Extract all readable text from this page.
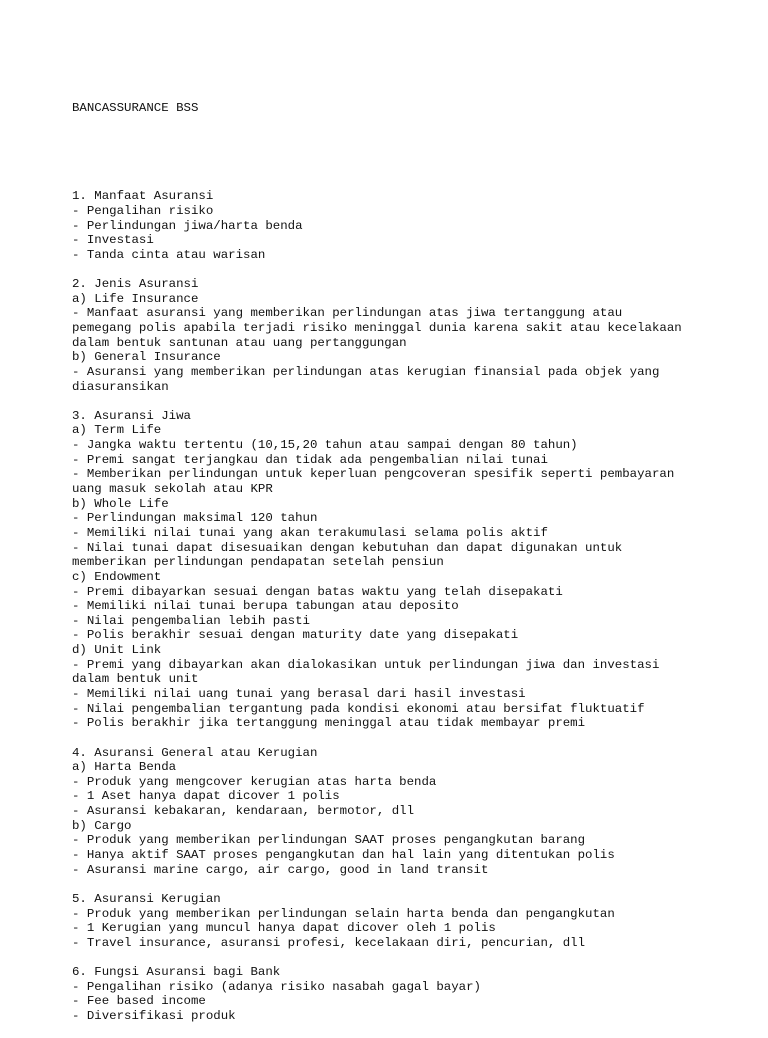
BANCASSURANCE BSS

1. Manfaat Asuransi
- Pengalihan risiko
- Perlindungan jiwa/harta benda
- Investasi
- Tanda cinta atau warisan
2. Jenis Asuransi
a) Life Insurance
- Manfaat asuransi yang memberikan perlindungan atas jiwa tertanggung atau
pemegang polis apabila terjadi risiko meninggal dunia karena sakit atau kecelakaan
dalam bentuk santunan atau uang pertanggungan
b) General Insurance
- Asuransi yang memberikan perlindungan atas kerugian finansial pada objek yang
diasuransikan
3. Asuransi Jiwa
a) Term Life
- Jangka waktu tertentu (10,15,20 tahun atau sampai dengan 80 tahun)
- Premi sangat terjangkau dan tidak ada pengembalian nilai tunai
- Memberikan perlindungan untuk keperluan pengcoveran spesifik seperti pembayaran
uang masuk sekolah atau KPR
b) Whole Life
- Perlindungan maksimal 120 tahun
- Memiliki nilai tunai yang akan terakumulasi selama polis aktif
- Nilai tunai dapat disesuaikan dengan kebutuhan dan dapat digunakan untuk
memberikan perlindungan pendapatan setelah pensiun
c) Endowment
- Premi dibayarkan sesuai dengan batas waktu yang telah disepakati
- Memiliki nilai tunai berupa tabungan atau deposito
- Nilai pengembalian lebih pasti
- Polis berakhir sesuai dengan maturity date yang disepakati
d) Unit Link
- Premi yang dibayarkan akan dialokasikan untuk perlindungan jiwa dan investasi
dalam bentuk unit
- Memiliki nilai uang tunai yang berasal dari hasil investasi
- Nilai pengembalian tergantung pada kondisi ekonomi atau bersifat fluktuatif
- Polis berakhir jika tertanggung meninggal atau tidak membayar premi
4. Asuransi General atau Kerugian
a) Harta Benda
- Produk yang mengcover kerugian atas harta benda
- 1 Aset hanya dapat dicover 1 polis
- Asuransi kebakaran, kendaraan, bermotor, dll
b) Cargo
- Produk yang memberikan perlindungan SAAT proses pengangkutan barang
- Hanya aktif SAAT proses pengangkutan dan hal lain yang ditentukan polis
- Asuransi marine cargo, air cargo, good in land transit
5. Asuransi Kerugian
- Produk yang memberikan perlindungan selain harta benda dan pengangkutan
- 1 Kerugian yang muncul hanya dapat dicover oleh 1 polis
- Travel insurance, asuransi profesi, kecelakaan diri, pencurian, dll
6. Fungsi Asuransi bagi Bank
- Pengalihan risiko (adanya risiko nasabah gagal bayar)
- Fee based income
- Diversifikasi produk
